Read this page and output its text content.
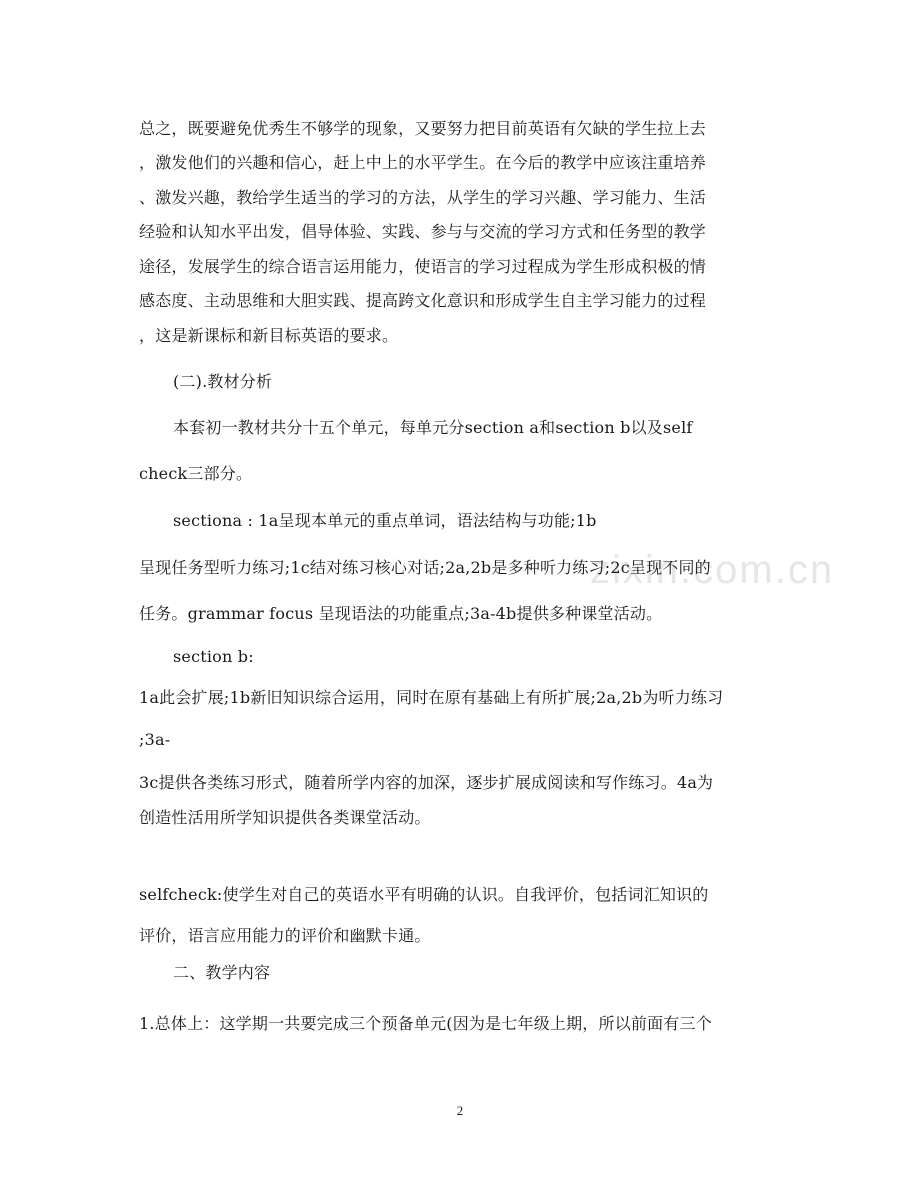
zixin.com.cn
总之，既要避免优秀生不够学的现象，又要努力把目前英语有欠缺的学生拉上去
，激发他们的兴趣和信心，赶上中上的水平学生。在今后的教学中应该注重培养
、激发兴趣，教给学生适当的学习的方法，从学生的学习兴趣、学习能力、生活
经验和认知水平出发，倡导体验、实践、参与与交流的学习方式和任务型的教学
途径，发展学生的综合语言运用能力，使语言的学习过程成为学生形成积极的情
感态度、主动思维和大胆实践、提高跨文化意识和形成学生自主学习能力的过程
，这是新课标和新目标英语的要求。
(二).教材分析
本套初一教材共分十五个单元，每单元分section a和section b以及self
check三部分。
sectiona : 1a呈现本单元的重点单词，语法结构与功能;1b
呈现任务型听力练习;1c结对练习核心对话;2a,2b是多种听力练习;2c呈现不同的
任务。grammar focus 呈现语法的功能重点;3a-4b提供多种课堂活动。
section b:
1a此会扩展;1b新旧知识综合运用，同时在原有基础上有所扩展;2a,2b为听力练习
;3a-
3c提供各类练习形式，随着所学内容的加深，逐步扩展成阅读和写作练习。4a为
创造性活用所学知识提供各类课堂活动。
selfcheck:使学生对自己的英语水平有明确的认识。自我评价，包括词汇知识的
评价，语言应用能力的评价和幽默卡通。
二、教学内容
1.总体上：这学期一共要完成三个预备单元(因为是七年级上期，所以前面有三个
2
